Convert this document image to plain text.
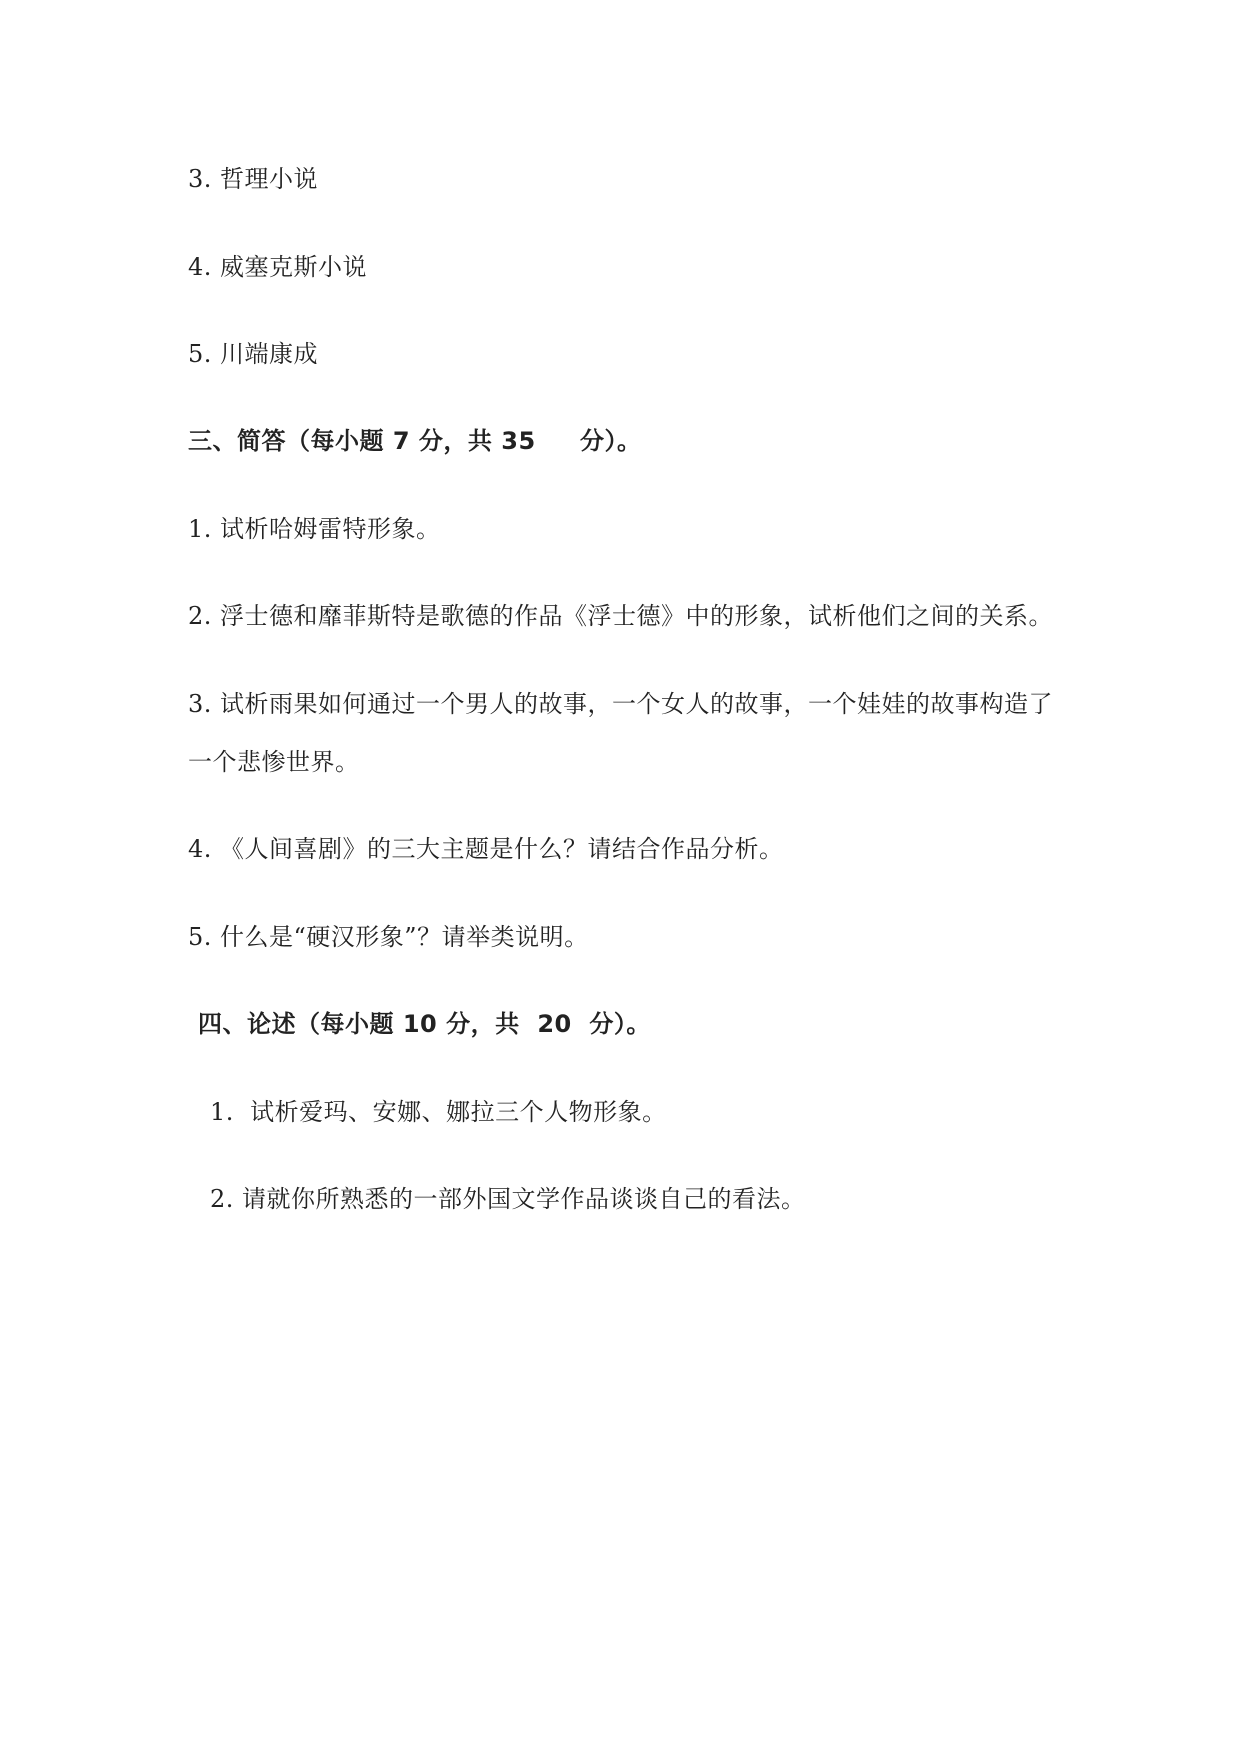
3. 哲理小说
4. 威塞克斯小说
5. 川端康成
三、简答（每小题 7 分，共 35     分）。
1. 试析哈姆雷特形象。
2. 浮士德和靡菲斯特是歌德的作品《浮士德》中的形象，试析他们之间的关系。
3. 试析雨果如何通过一个男人的故事，一个女人的故事，一个娃娃的故事构造了
一个悲惨世界。
4. 《人间喜剧》的三大主题是什么？请结合作品分析。
5. 什么是“硬汉形象”？请举类说明。
四、论述（每小题 10 分，共  20  分）。
1.  试析爱玛、安娜、娜拉三个人物形象。
2. 请就你所熟悉的一部外国文学作品谈谈自己的看法。
